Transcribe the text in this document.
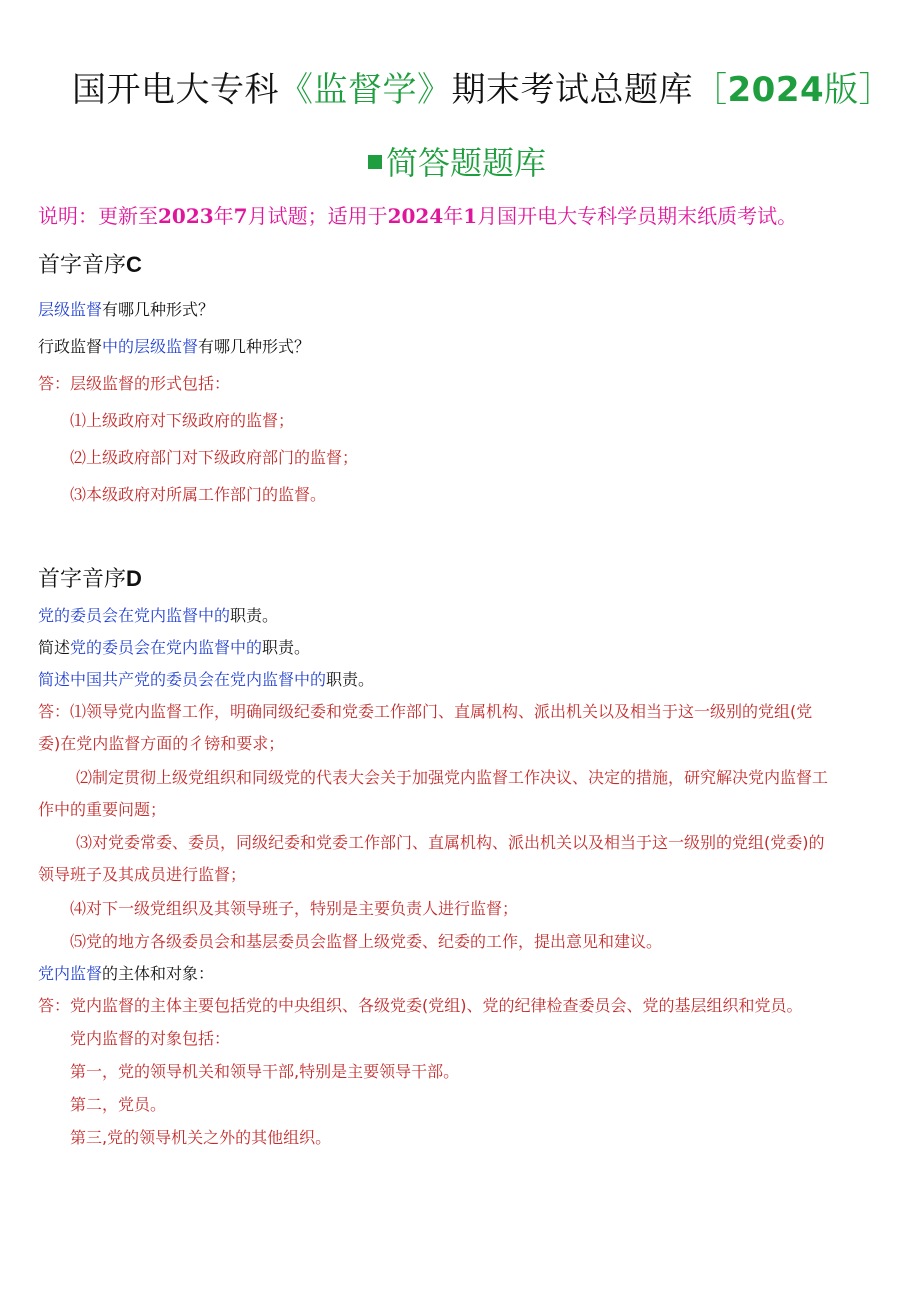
国开电大专科《监督学》期末考试总题库［2024版］
简答题题库
说明：更新至2023年7月试题；适用于2024年1月国开电大专科学员期末纸质考试。
首字音序C
层级监督有哪几种形式？
行政监督中的层级监督有哪几种形式？
答：层级监督的形式包括：
⑴上级政府对下级政府的监督；
⑵上级政府部门对下级政府部门的监督；
⑶本级政府对所属工作部门的监督。
首字音序D
党的委员会在党内监督中的职责。
简述党的委员会在党内监督中的职责。
简述中国共产党的委员会在党内监督中的职责。
答：⑴领导党内监督工作，明确同级纪委和党委工作部门、直属机构、派出机关以及相当于这一级别的党组(党
委)在党内监督方面的彳镑和要求；
⑵制定贯彻上级党组织和同级党的代表大会关于加强党内监督工作决议、决定的措施，研究解决党内监督工
作中的重要问题；
⑶对党委常委、委员，同级纪委和党委工作部门、直属机构、派出机关以及相当于这一级别的党组(党委)的
领导班子及其成员进行监督；
⑷对下一级党组织及其领导班子，特别是主要负责人进行监督；
⑸党的地方各级委员会和基层委员会监督上级党委、纪委的工作，提出意见和建议。
党内监督的主体和对象：
答：党内监督的主体主要包括党的中央组织、各级党委(党组)、党的纪律检查委员会、党的基层组织和党员。
党内监督的对象包括：
第一，党的领导机关和领导干部,特别是主要领导干部。
第二，党员。
第三,党的领导机关之外的其他组织。
